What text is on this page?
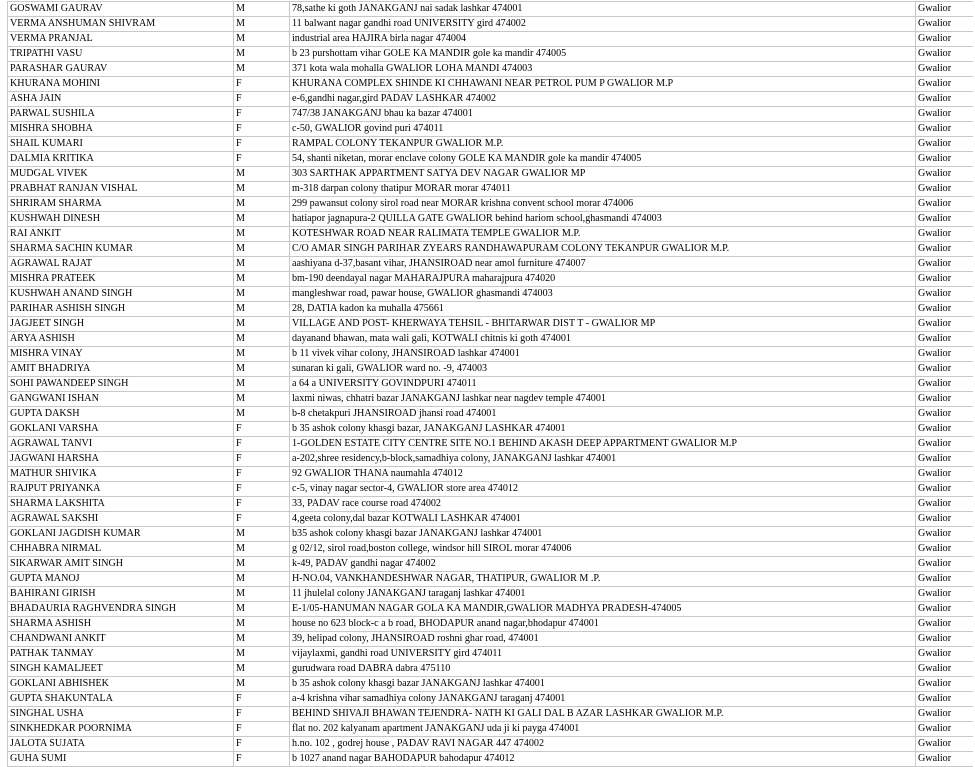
GOSWAMI GAURAV	M	78,sathe ki goth JANAKGANJ nai sadak lashkar 474001	Gwalior
VERMA ANSHUMAN SHIVRAM	M	11 balwant nagar gandhi road UNIVERSITY gird 474002	Gwalior
VERMA PRANJAL	M	industrial area HAJIRA birla nagar 474004	Gwalior
TRIPATHI VASU	M	b 23 purshottam vihar GOLE KA MANDIR gole ka mandir 474005	Gwalior
PARASHAR GAURAV	M	371 kota wala mohalla GWALIOR LOHA MANDI 474003	Gwalior
KHURANA MOHINI	F	KHURANA COMPLEX SHINDE KI CHHAWANI NEAR PETROL PUM P GWALIOR M.P	Gwalior
ASHA JAIN	F	e-6,gandhi nagar,gird PADAV LASHKAR 474002	Gwalior
PARWAL SUSHILA	F	747/38 JANAKGANJ bhau ka bazar 474001	Gwalior
MISHRA SHOBHA	F	c-50, GWALIOR govind puri 474011	Gwalior
SHAIL KUMARI	F	RAMPAL COLONY TEKANPUR GWALIOR M.P.	Gwalior
DALMIA KRITIKA	F	54, shanti niketan, morar enclave colony GOLE KA MANDIR gole ka mandir 474005	Gwalior
MUDGAL VIVEK	M	303 SARTHAK APPARTMENT SATYA DEV NAGAR GWALIOR MP	Gwalior
PRABHAT RANJAN VISHAL	M	m-318 darpan colony thatipur MORAR morar 474011	Gwalior
SHRIRAM SHARMA	M	299 pawansut colony sirol road near MORAR krishna convent school morar 474006	Gwalior
KUSHWAH DINESH	M	hatiapor jagnapura-2 QUILLA GATE GWALIOR behind hariom school,ghasmandi 474003	Gwalior
RAI ANKIT	M	KOTESHWAR ROAD NEAR RALIMATA TEMPLE GWALIOR M.P.	Gwalior
SHARMA SACHIN KUMAR	M	C/O AMAR SINGH PARIHAR ZYEARS RANDHAWAPURAM COLONY TEKANPUR GWALIOR M.P.	Gwalior
AGRAWAL RAJAT	M	aashiyana d-37,basant vihar, JHANSIROAD near amol furniture 474007	Gwalior
MISHRA PRATEEK	M	bm-190 deendayal nagar MAHARAJPURA maharajpura 474020	Gwalior
KUSHWAH ANAND SINGH	M	mangleshwar road, pawar house, GWALIOR ghasmandi 474003	Gwalior
PARIHAR ASHISH SINGH	M	28, DATIA kadon ka muhalla 475661	Gwalior
JAGJEET SINGH	M	VILLAGE AND POST- KHERWAYA TEHSIL - BHITARWAR DIST T - GWALIOR MP	Gwalior
ARYA ASHISH	M	dayanand bhawan, mata wali gali, KOTWALI chitnis ki goth 474001	Gwalior
MISHRA VINAY	M	b 11 vivek vihar colony, JHANSIROAD lashkar 474001	Gwalior
AMIT BHADRIYA	M	sunaran ki gali, GWALIOR ward no. -9, 474003	Gwalior
SOHI PAWANDEEP SINGH	M	a 64 a UNIVERSITY GOVINDPURI 474011	Gwalior
GANGWANI ISHAN	M	laxmi niwas, chhatri bazar JANAKGANJ lashkar near nagdev temple 474001	Gwalior
GUPTA DAKSH	M	b-8 chetakpuri JHANSIROAD jhansi road 474001	Gwalior
GOKLANI VARSHA	F	b 35 ashok colony khasgi bazar, JANAKGANJ LASHKAR 474001	Gwalior
AGRAWAL TANVI	F	1-GOLDEN ESTATE CITY CENTRE SITE NO.1 BEHIND AKASH DEEP APPARTMENT GWALIOR M.P	Gwalior
JAGWANI HARSHA	F	a-202,shree residency,b-block,samadhiya colony, JANAKGANJ lashkar 474001	Gwalior
MATHUR SHIVIKA	F	92 GWALIOR THANA naumahla 474012	Gwalior
RAJPUT PRIYANKA	F	c-5, vinay nagar sector-4, GWALIOR store area 474012	Gwalior
SHARMA LAKSHITA	F	33, PADAV race course road 474002	Gwalior
AGRAWAL SAKSHI	F	4,geeta colony,dal bazar KOTWALI LASHKAR 474001	Gwalior
GOKLANI JAGDISH KUMAR	M	b35 ashok colony khasgi bazar JANAKGANJ lashkar 474001	Gwalior
CHHABRA NIRMAL	M	g 02/12, sirol road,boston college, windsor hill SIROL morar 474006	Gwalior
SIKARWAR AMIT SINGH	M	k-49, PADAV gandhi nagar 474002	Gwalior
GUPTA MANOJ	M	H-NO.04, VANKHANDESHWAR NAGAR, THATIPUR, GWALIOR M .P.	Gwalior
BAHIRANI GIRISH	M	11 jhulelal colony JANAKGANJ taraganj lashkar 474001	Gwalior
BHADAURIA RAGHVENDRA SINGH	M	E-1/05-HANUMAN NAGAR GOLA KA MANDIR,GWALIOR MADHYA PRADESH-474005	Gwalior
SHARMA ASHISH	M	house no 623 block-c a b road, BHODAPUR anand nagar,bhodapur 474001	Gwalior
CHANDWANI ANKIT	M	39, helipad colony, JHANSIROAD roshni ghar road, 474001	Gwalior
PATHAK TANMAY	M	vijaylaxmi, gandhi road UNIVERSITY gird 474011	Gwalior
SINGH KAMALJEET	M	gurudwara road DABRA dabra 475110	Gwalior
GOKLANI ABHISHEK	M	b 35 ashok colony khasgi bazar JANAKGANJ lashkar 474001	Gwalior
GUPTA SHAKUNTALA	F	a-4 krishna vihar samadhiya colony JANAKGANJ taraganj 474001	Gwalior
SINGHAL USHA	F	BEHIND SHIVAJI BHAWAN TEJENDRA- NATH KI GALI DAL B AZAR LASHKAR GWALIOR M.P.	Gwalior
SINKHEDKAR POORNIMA	F	flat no. 202 kalyanam apartment JANAKGANJ uda ji ki payga 474001	Gwalior
JALOTA SUJATA	F	h.no. 102 , godrej house , PADAV RAVI NAGAR 447 474002	Gwalior
GUHA SUMI	F	b 1027 anand nagar BAHODAPUR bahodapur 474012	Gwalior
